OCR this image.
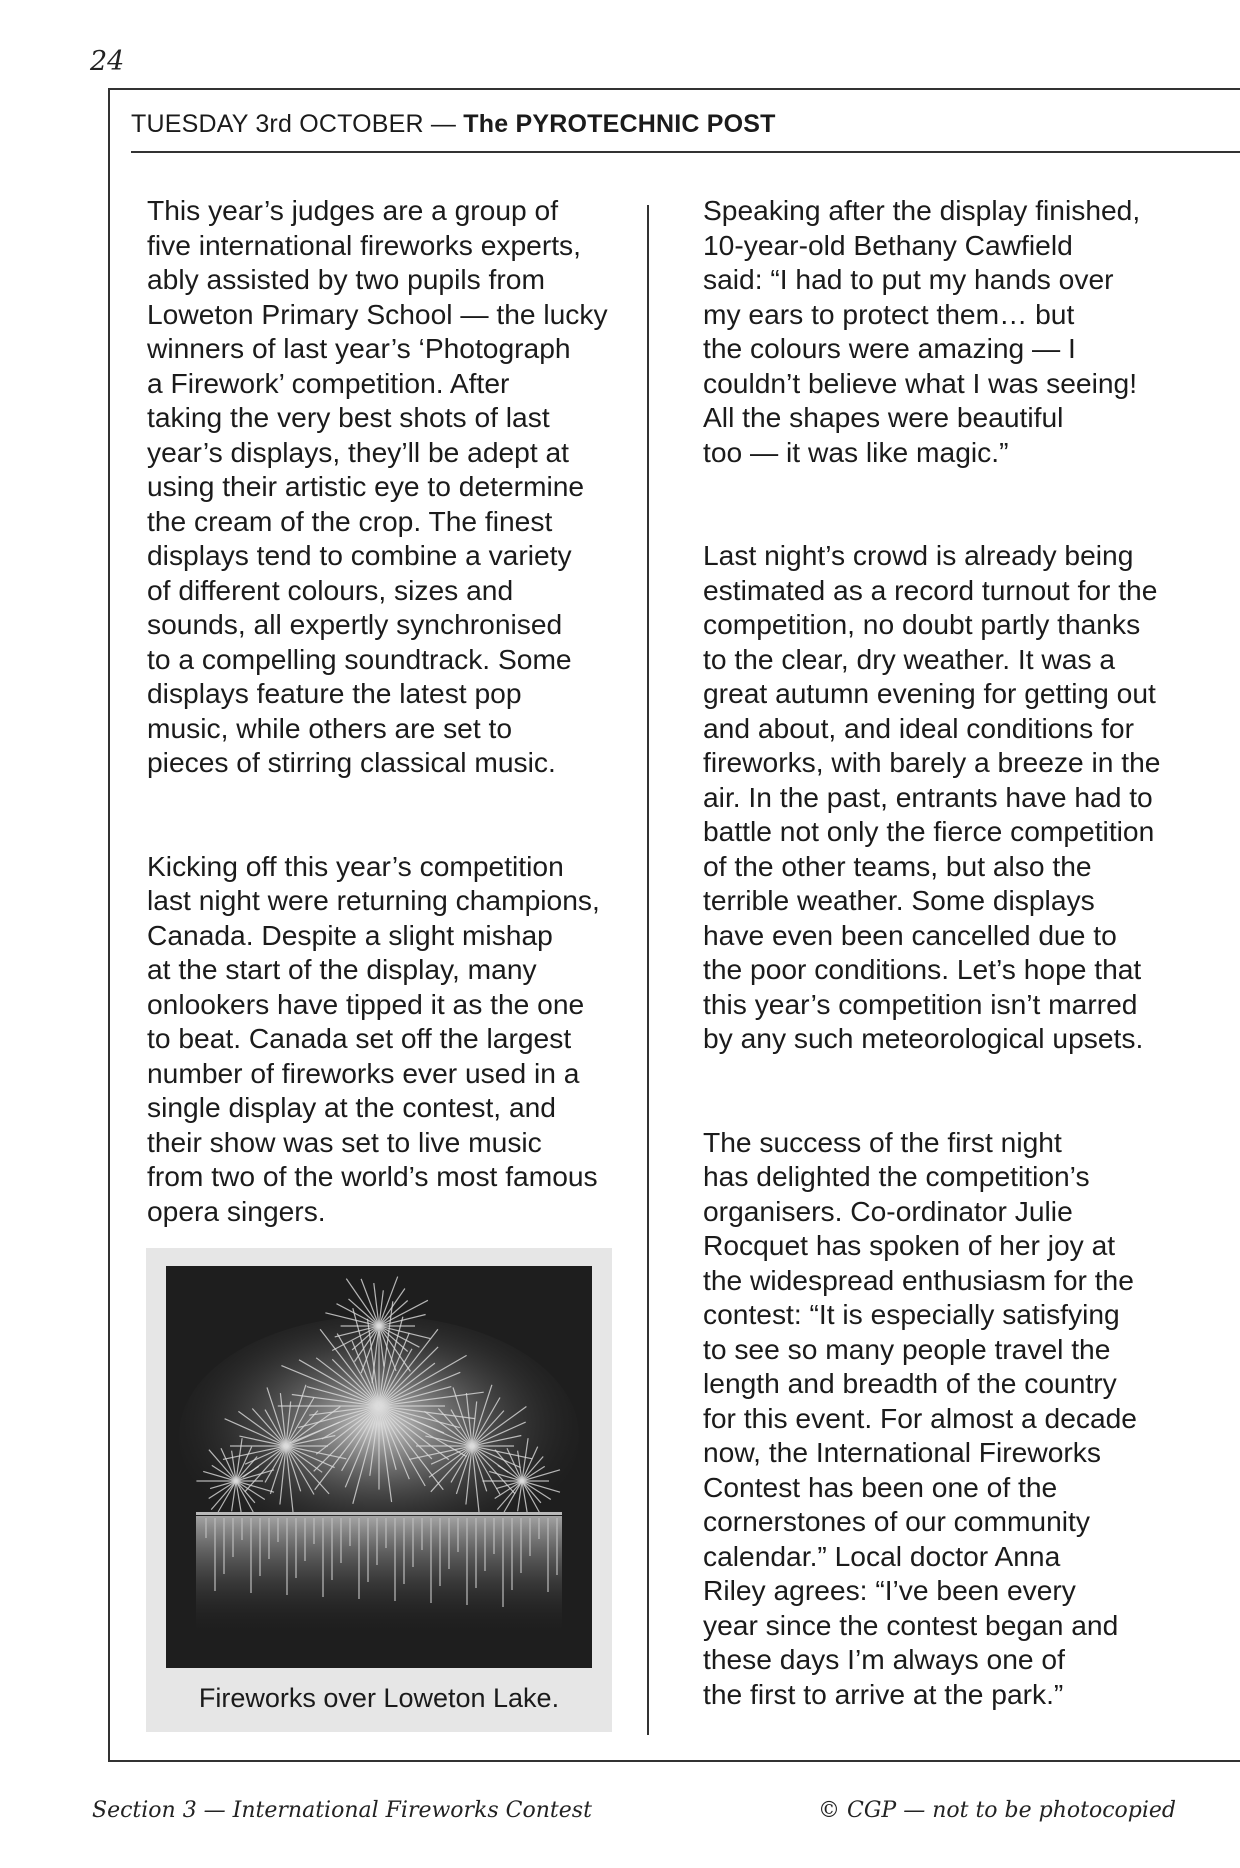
24
TUESDAY 3rd OCTOBER — The PYROTECHNIC POST

This year’s judges are a group of
five international fireworks experts,
ably assisted by two pupils from
Loweton Primary School — the lucky
winners of last year’s ‘Photograph
a Firework’ competition. After
taking the very best shots of last
year’s displays, they’ll be adept at
using their artistic eye to determine
the cream of the crop. The finest
displays tend to combine a variety
of different colours, sizes and
sounds, all expertly synchronised
to a compelling soundtrack. Some
displays feature the latest pop
music, while others are set to
pieces of stirring classical music.

Kicking off this year’s competition
last night were returning champions,
Canada. Despite a slight mishap
at the start of the display, many
onlookers have tipped it as the one
to beat. Canada set off the largest
number of fireworks ever used in a
single display at the contest, and
their show was set to live music
from two of the world’s most famous
opera singers.

Fireworks over Loweton Lake.

Speaking after the display finished,
10-year-old Bethany Cawfield
said: “I had to put my hands over
my ears to protect them… but
the colours were amazing — I
couldn’t believe what I was seeing!
All the shapes were beautiful
too — it was like magic.”

Last night’s crowd is already being
estimated as a record turnout for the
competition, no doubt partly thanks
to the clear, dry weather. It was a
great autumn evening for getting out
and about, and ideal conditions for
fireworks, with barely a breeze in the
air. In the past, entrants have had to
battle not only the fierce competition
of the other teams, but also the
terrible weather. Some displays
have even been cancelled due to
the poor conditions. Let’s hope that
this year’s competition isn’t marred
by any such meteorological upsets.

The success of the first night
has delighted the competition’s
organisers. Co-ordinator Julie
Rocquet has spoken of her joy at
the widespread enthusiasm for the
contest: “It is especially satisfying
to see so many people travel the
length and breadth of the country
for this event. For almost a decade
now, the International Fireworks
Contest has been one of the
cornerstones of our community
calendar.” Local doctor Anna
Riley agrees: “I’ve been every
year since the contest began and
these days I’m always one of
the first to arrive at the park.”

Section 3 — International Fireworks Contest	© CGP — not to be photocopied
